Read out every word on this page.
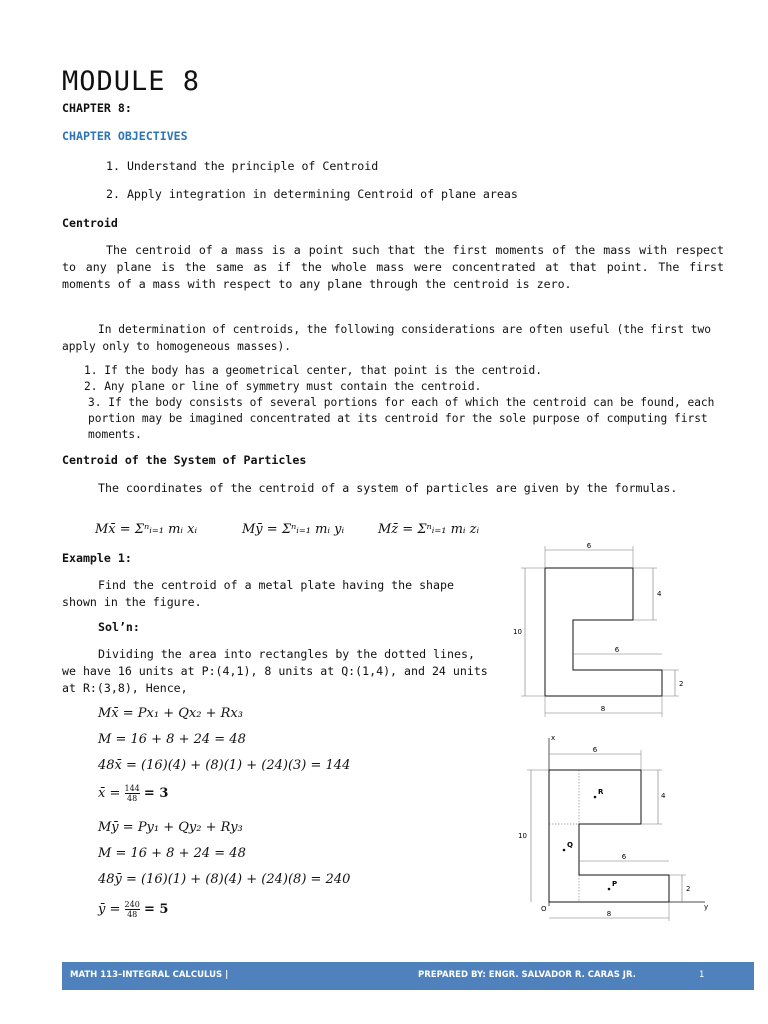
MODULE 8
CHAPTER 8:
CHAPTER OBJECTIVES
1. Understand the principle of Centroid
2. Apply integration in determining Centroid of plane areas
Centroid
The centroid of a mass is a point such that the first moments of the mass with respect to any plane is the same as if the whole mass were concentrated at that point. The first moments of a mass with respect to any plane through the centroid is zero.
In determination of centroids, the following considerations are often useful (the first two apply only to homogeneous masses).
1. If the body has a geometrical center, that point is the centroid.
2. Any plane or line of symmetry must contain the centroid.
3. If the body consists of several portions for each of which the centroid can be found, each portion may be imagined concentrated at its centroid for the sole purpose of computing first moments.
Centroid of the System of Particles
The coordinates of the centroid of a system of particles are given by the formulas.
Mx̄ = Σⁿᵢ₌₁ mᵢ xᵢ	Mȳ = Σⁿᵢ₌₁ mᵢ yᵢ	Mz̄ = Σⁿᵢ₌₁ mᵢ zᵢ
Example 1:
Find the centroid of a metal plate having the shape shown in the figure.
Sol’n:
Dividing the area into rectangles by the dotted lines, we have 16 units at P:(4,1), 8 units at Q:(1,4), and 24 units at R:(3,8), Hence,
Mx̄ = Px₁ + Qx₂ + Rx₃
M = 16 + 8 + 24 = 48
48x̄ = (16)(4) + (8)(1) + (24)(3) = 144
x̄ = $\frac{144}{48} = 3$
Mȳ = Py₁ + Qy₂ + Ry₃
M = 16 + 8 + 24 = 48
48ȳ = (16)(1) + (8)(4) + (24)(8) = 240
ȳ = $\frac{240}{48} = 5$
6
4
10
6
2
8
x
y
O
6
4
10
6
2
8
R
Q
P
MATH 113–INTEGRAL CALCULUS |	PREPARED BY: ENGR. SALVADOR R. CARAS JR.	1
